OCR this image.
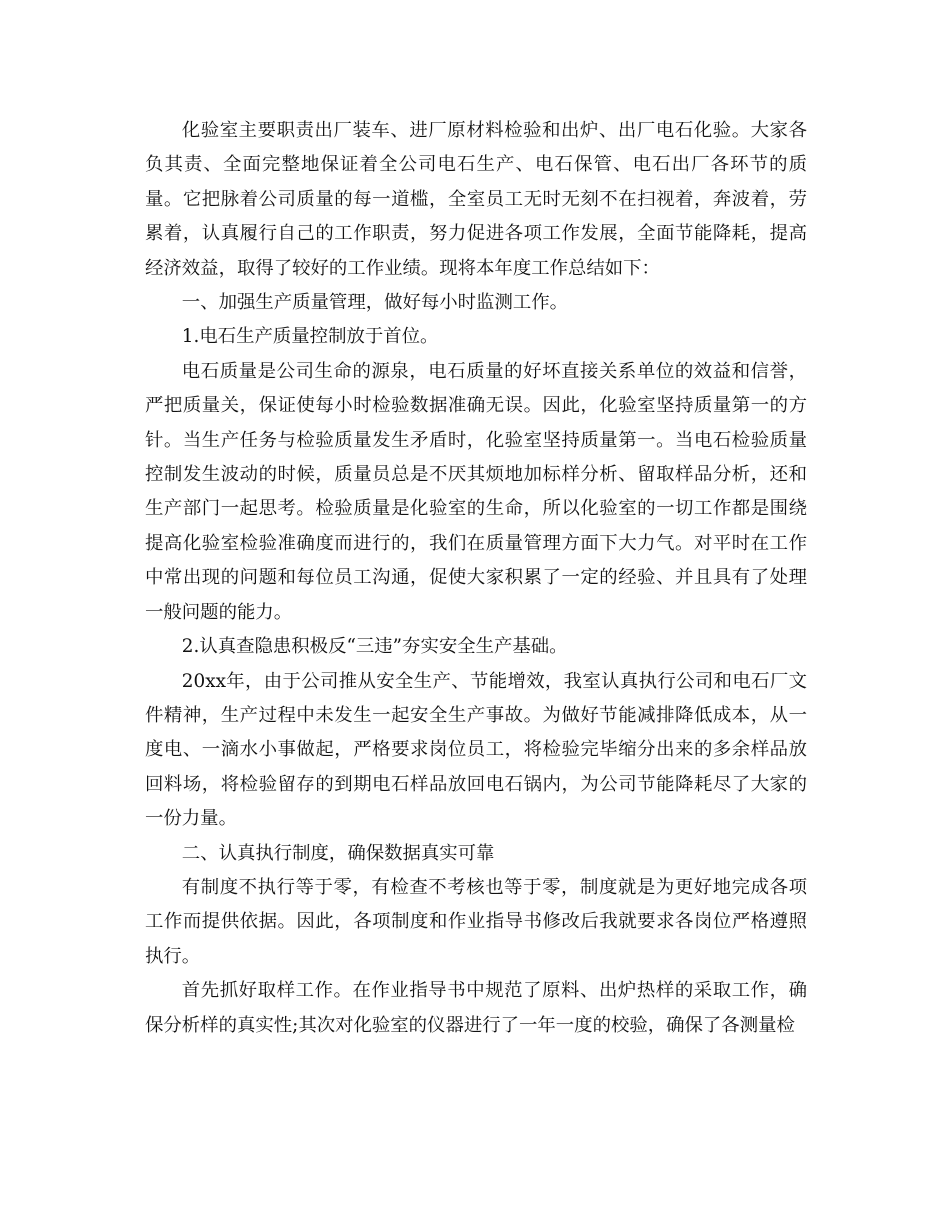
化验室主要职责出厂装车、进厂原材料检验和出炉、出厂电石化验。大家各负其责、全面完整地保证着全公司电石生产、电石保管、电石出厂各环节的质量。它把脉着公司质量的每一道槛，全室员工无时无刻不在扫视着，奔波着，劳累着，认真履行自己的工作职责，努力促进各项工作发展，全面节能降耗，提高经济效益，取得了较好的工作业绩。现将本年度工作总结如下：

一、加强生产质量管理，做好每小时监测工作。

1.电石生产质量控制放于首位。

电石质量是公司生命的源泉，电石质量的好坏直接关系单位的效益和信誉，严把质量关，保证使每小时检验数据准确无误。因此，化验室坚持质量第一的方针。当生产任务与检验质量发生矛盾时，化验室坚持质量第一。当电石检验质量控制发生波动的时候，质量员总是不厌其烦地加标样分析、留取样品分析，还和生产部门一起思考。检验质量是化验室的生命，所以化验室的一切工作都是围绕提高化验室检验准确度而进行的，我们在质量管理方面下大力气。对平时在工作中常出现的问题和每位员工沟通，促使大家积累了一定的经验、并且具有了处理一般问题的能力。

2.认真查隐患积极反“三违”夯实安全生产基础。

20xx年，由于公司推从安全生产、节能增效，我室认真执行公司和电石厂文件精神，生产过程中未发生一起安全生产事故。为做好节能减排降低成本，从一度电、一滴水小事做起，严格要求岗位员工，将检验完毕缩分出来的多余样品放回料场，将检验留存的到期电石样品放回电石锅内，为公司节能降耗尽了大家的一份力量。

二、认真执行制度，确保数据真实可靠

有制度不执行等于零，有检查不考核也等于零，制度就是为更好地完成各项工作而提供依据。因此，各项制度和作业指导书修改后我就要求各岗位严格遵照执行。

首先抓好取样工作。在作业指导书中规范了原料、出炉热样的采取工作，确保分析样的真实性;其次对化验室的仪器进行了一年一度的校验，确保了各测量检
